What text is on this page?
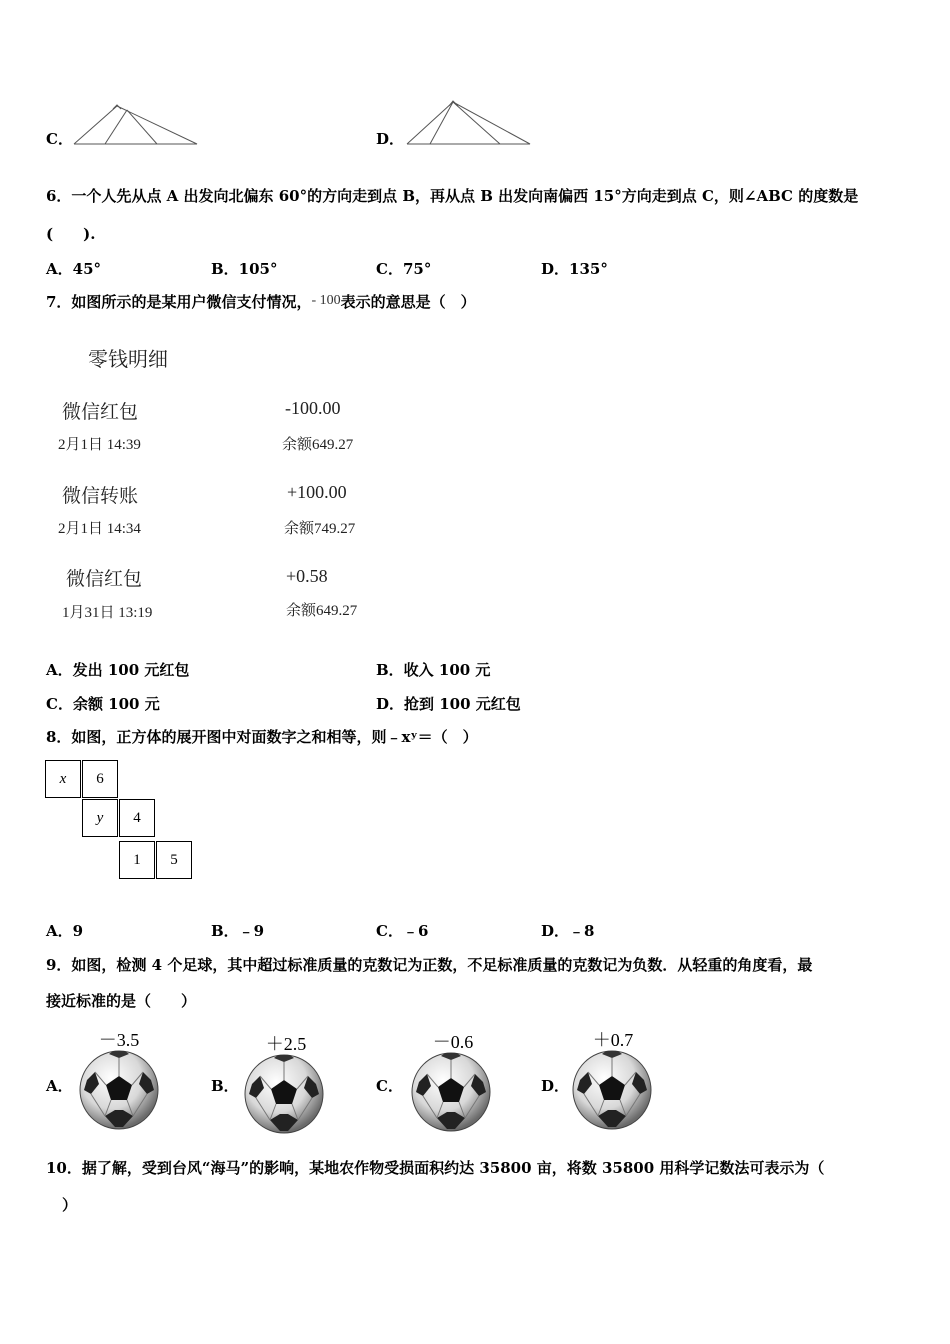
C．	D．
6．一个人先从点 A 出发向北偏东 60°的方向走到点 B，再从点 B 出发向南偏西 15°方向走到点 C，则∠ABC 的度数是
(　　).
A．45°	B．105°	C．75°	D．135°
7．如图所示的是某用户微信支付情况，- 100表示的意思是（　）
零钱明细
微信红包	-100.00
2月1日 14:39	余额649.27
微信转账	+100.00
2月1日 14:34	余额749.27
微信红包	+0.58
1月31日 13:19	余额649.27
A．发出 100 元红包	B．收入 100 元
C．余额 100 元	D．抢到 100 元红包
8．如图，正方体的展开图中对面数字之和相等，则﹣xʸ＝（　）
x	6
y	4
1	5
A．9	B．﹣9	C．﹣6	D．﹣8
9．如图，检测 4 个足球，其中超过标准质量的克数记为正数，不足标准质量的克数记为负数．从轻重的角度看，最
接近标准的是（　　）
A．
－3.5
B．
＋2.5
C．
－0.6
D．
＋0.7
10．据了解，受到台风“海马”的影响，某地农作物受损面积约达 35800 亩，将数 35800 用科学记数法可表示为（
）
